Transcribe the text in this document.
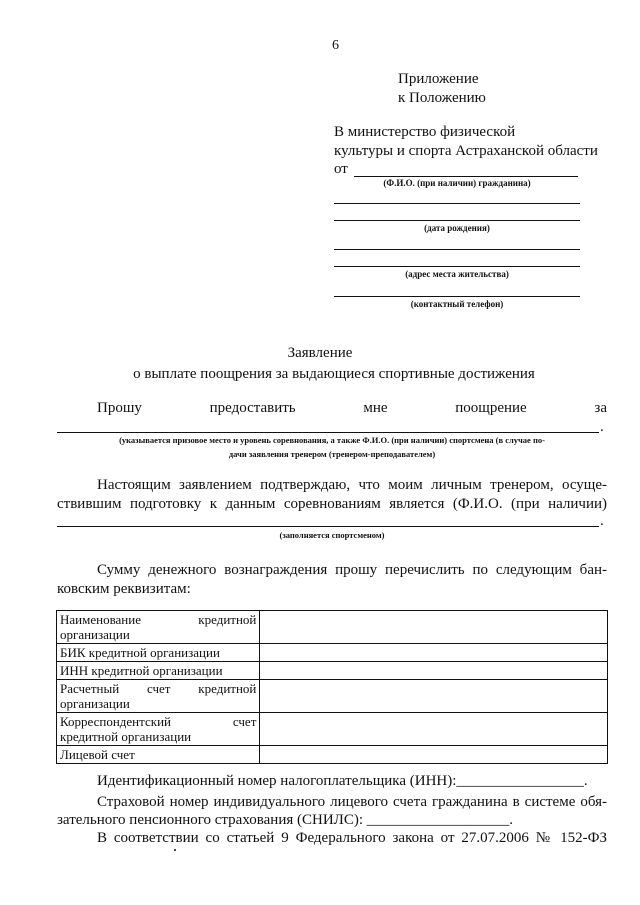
6
Приложение
к Положению
В министерство физической
культуры и спорта Астраханской области
от
(Ф.И.О. (при наличии) гражданина)
(дата рождения)
(адрес места жительства)
(контактный телефон)
Заявление
о выплате поощрения за выдающиеся спортивные достижения
Прошу	предоставить	мне	поощрение	за
.
(указывается призовое место и уровень соревнования, а также Ф.И.О. (при наличии) спортсмена (в случае по-
дачи заявления тренером (тренером-преподавателем)
Настоящим заявлением подтверждаю, что моим личным тренером, осуще-
ствившим подготовку к данным соревнованиям является (Ф.И.О. (при наличии)
.
(заполняется спортсменом)
Сумму денежного вознаграждения прошу перечислить по следующим бан-
ковским реквизитам:
Наименование кредитной организации	
БИК кредитной организации	
ИНН кредитной организации	
Расчетный счет кредитной организации	
Корреспондентский счет кредитной организации	
Лицевой счет	
Идентификационный номер налогоплательщика (ИНН):_________________.
Страховой номер индивидуального лицевого счета гражданина в системе обя-
зательного пенсионного страхования (СНИЛС): ___________________.
В соответствии со статьей 9 Федерального закона от 27.07.2006 № 152-ФЗ
